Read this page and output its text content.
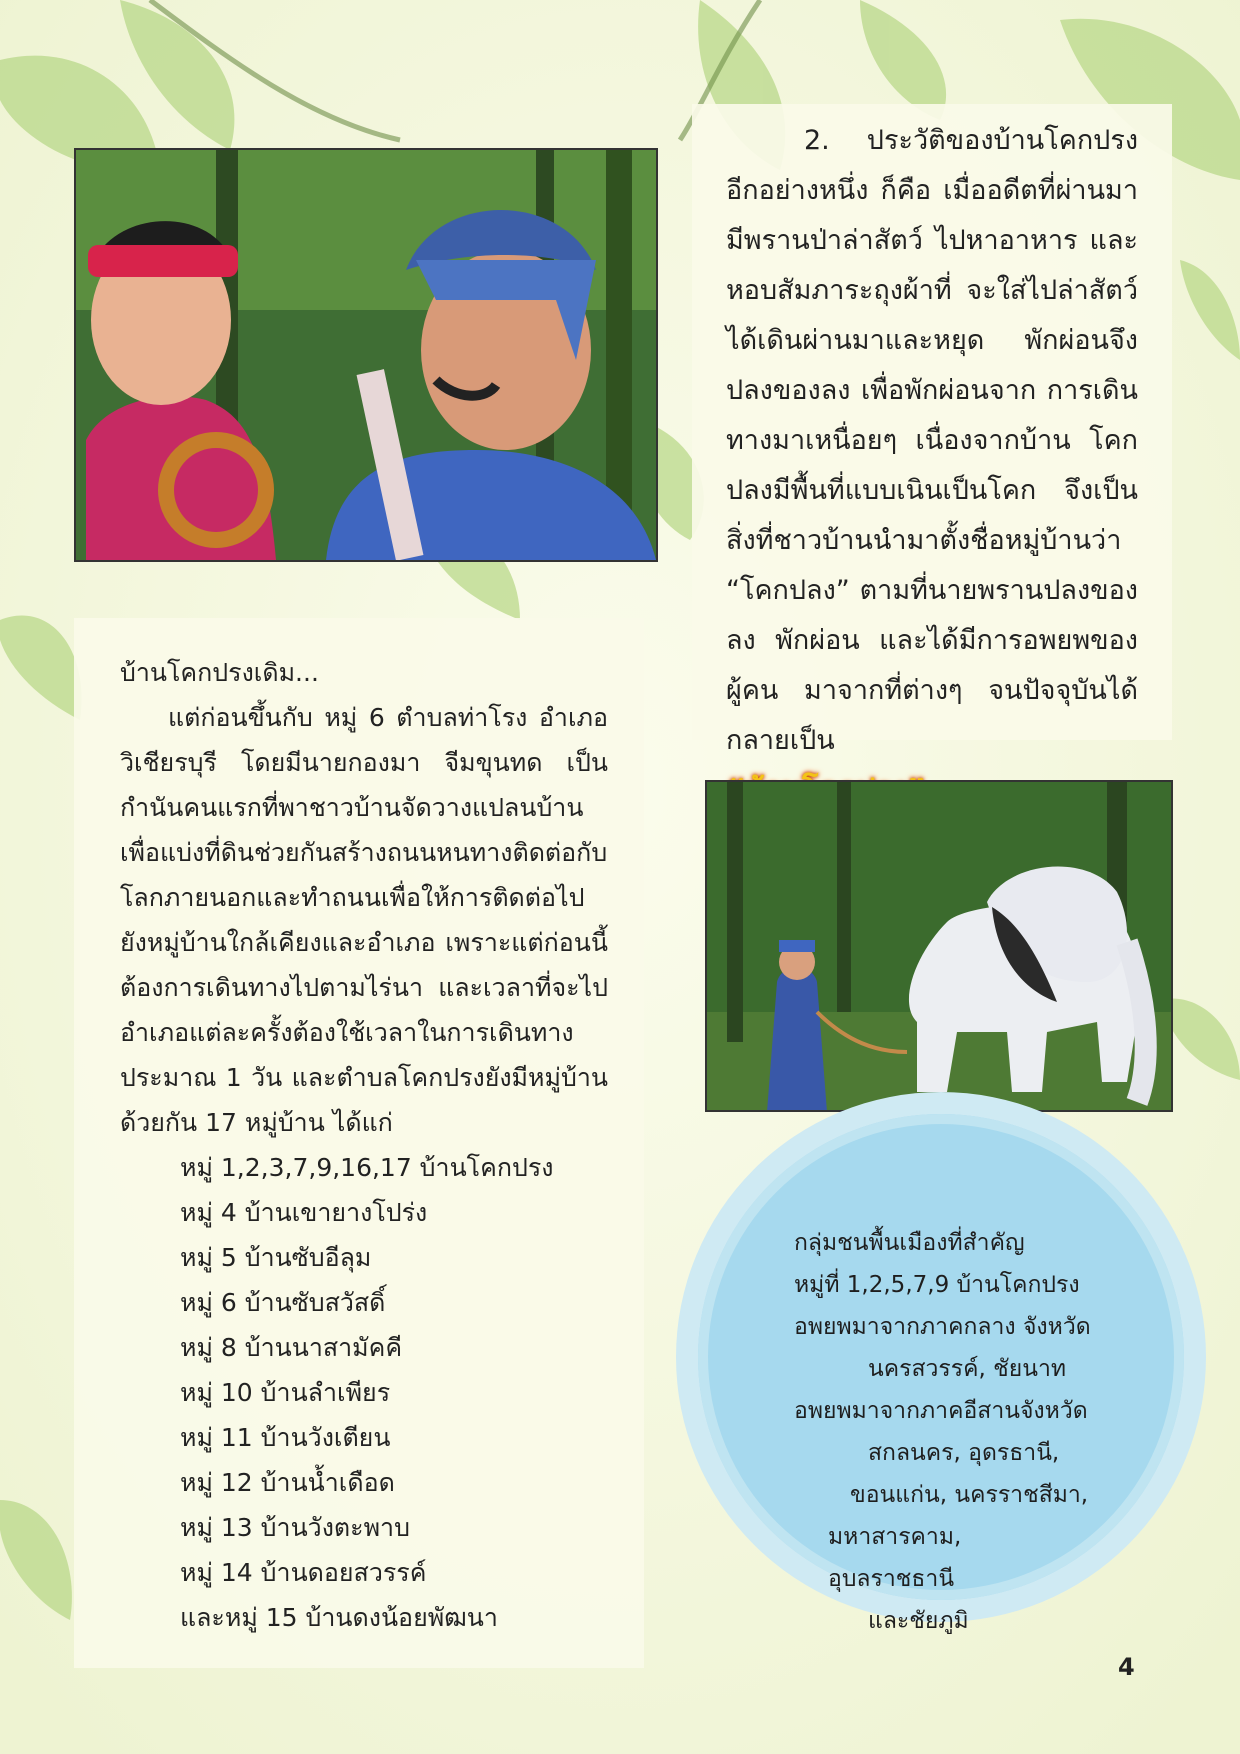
2. ประวัติของบ้านโคกปรงอีกอย่างหนึ่ง ก็คือ เมื่ออดีตที่ผ่านมา มีพรานป่าล่าสัตว์ ไปหาอาหาร และหอบสัมภาระถุงผ้าที่ จะใส่ไปล่าสัตว์ ได้เดินผ่านมาและหยุด พักผ่อนจึงปลงของลง เพื่อพักผ่อนจาก การเดินทางมาเหนื่อยๆ เนื่องจากบ้าน โคกปลงมีพื้นที่แบบเนินเป็นโคก จึงเป็น สิ่งที่ชาวบ้านนำมาตั้งชื่อหมู่บ้านว่า “โคกปลง” ตามที่นายพรานปลงของลง พักผ่อน และได้มีการอพยพของผู้คน มาจากที่ต่างๆ จนปัจจุบันได้กลายเป็น

บ้านโคกปรงเดิม...

แต่ก่อนขึ้นกับ หมู่ 6 ตำบลท่าโรง อำเภอวิเชียรบุรี โดยมีนายกองมา จีมขุนทด เป็นกำนันคนแรกที่พาชาวบ้านจัดวางแปลนบ้านเพื่อแบ่งที่ดินช่วยกันสร้างถนนหนทางติดต่อกับโลกภายนอกและทำถนนเพื่อให้การติดต่อไปยังหมู่บ้านใกล้เคียงและอำเภอ เพราะแต่ก่อนนี้ต้องการเดินทางไปตามไร่นา และเวลาที่จะไปอำเภอแต่ละครั้งต้องใช้เวลาในการเดินทาง ประมาณ 1 วัน และตำบลโคกปรงยังมีหมู่บ้านด้วยกัน 17 หมู่บ้าน ได้แก่

หมู่ 1,2,3,7,9,16,17 บ้านโคกปรง
หมู่ 4 บ้านเขายางโปร่ง
หมู่ 5 บ้านซับอีลุม
หมู่ 6 บ้านซับสวัสดิ์
หมู่ 8 บ้านนาสามัคคี
หมู่ 10 บ้านลำเพียร
หมู่ 11 บ้านวังเตียน
หมู่ 12 บ้านน้ำเดือด
หมู่ 13 บ้านวังตะพาบ
หมู่ 14 บ้านดอยสวรรค์
และหมู่ 15 บ้านดงน้อยพัฒนา
กลุ่มชนพื้นเมืองที่สำคัญ
หมู่ที่ 1,2,5,7,9 บ้านโคกปรง
อพยพมาจากภาคกลาง จังหวัด
นครสวรรค์, ชัยนาท
อพยพมาจากภาคอีสานจังหวัด
สกลนคร, อุดรธานี,
ขอนแก่น, นครราชสีมา,
มหาสารคาม, อุบลราชธานี
และชัยภูมิ
4
